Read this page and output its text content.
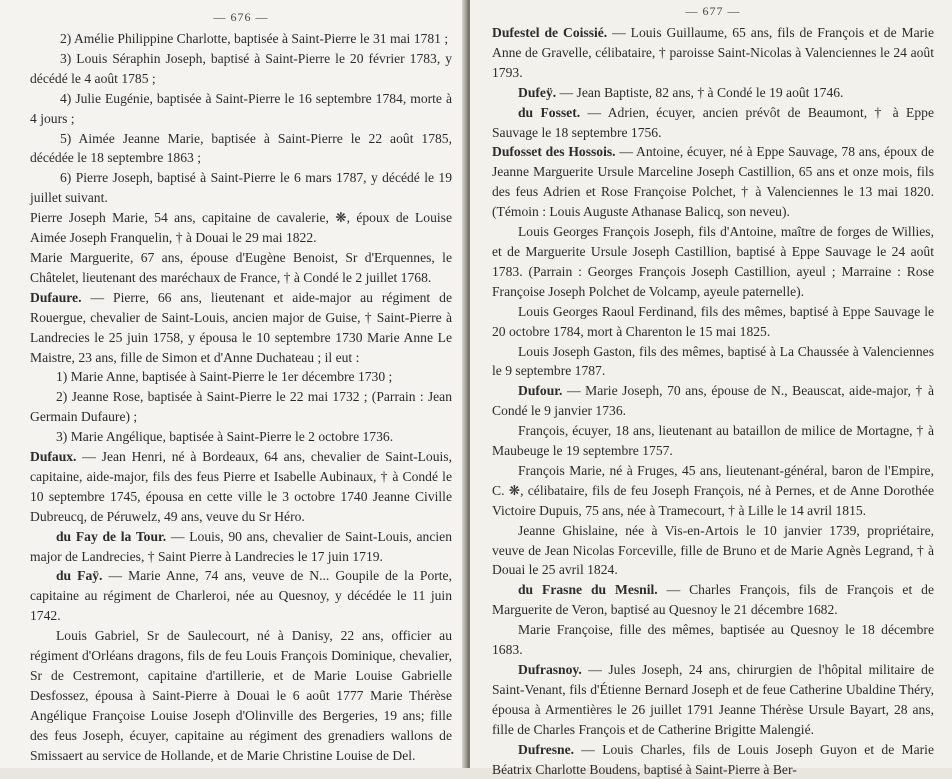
— 676 —

2) Amélie Philippine Charlotte, baptisée à Saint-Pierre le 31 mai 1781 ;

3) Louis Séraphin Joseph, baptisé à Saint-Pierre le 20 février 1783, y décédé le 4 août 1785 ;

4) Julie Eugénie, baptisée à Saint-Pierre le 16 septembre 1784, morte à 4 jours ;

5) Aimée Jeanne Marie, baptisée à Saint-Pierre le 22 août 1785, décédée le 18 septembre 1863 ;

6) Pierre Joseph, baptisé à Saint-Pierre le 6 mars 1787, y décédé le 19 juillet suivant.

Pierre Joseph Marie, 54 ans, capitaine de cavalerie, ❋, époux de Louise Aimée Joseph Franquelin, † à Douai le 29 mai 1822.

Marie Marguerite, 67 ans, épouse d'Eugène Benoist, Sr d'Erquennes, le Châtelet, lieutenant des maréchaux de France, † à Condé le 2 juillet 1768.

Dufaure. — Pierre, 66 ans, lieutenant et aide-major au régiment de Rouergue, chevalier de Saint-Louis, ancien major de Guise, † Saint-Pierre à Landrecies le 25 juin 1758, y épousa le 10 septembre 1730 Marie Anne Le Maistre, 23 ans, fille de Simon et d'Anne Duchateau ; il eut :

1) Marie Anne, baptisée à Saint-Pierre le 1er décembre 1730 ;

2) Jeanne Rose, baptisée à Saint-Pierre le 22 mai 1732 ; (Parrain : Jean Germain Dufaure) ;

3) Marie Angélique, baptisée à Saint-Pierre le 2 octobre 1736.

Dufaux. — Jean Henri, né à Bordeaux, 64 ans, chevalier de Saint-Louis, capitaine, aide-major, fils des feus Pierre et Isabelle Aubinaux, † à Condé le 10 septembre 1745, épousa en cette ville le 3 octobre 1740 Jeanne Civille Dubreucq, de Péruwelz, 49 ans, veuve du Sr Héro.

du Fay de la Tour. — Louis, 90 ans, chevalier de Saint-Louis, ancien major de Landrecies, † Saint Pierre à Landrecies le 17 juin 1719.

du Faÿ. — Marie Anne, 74 ans, veuve de N... Goupile de la Porte, capitaine au régiment de Charleroi, née au Quesnoy, y décédée le 11 juin 1742.

Louis Gabriel, Sr de Saulecourt, né à Danisy, 22 ans, officier au régiment d'Orléans dragons, fils de feu Louis François Dominique, chevalier, Sr de Cestremont, capitaine d'artillerie, et de Marie Louise Gabrielle Desfossez, épousa à Saint-Pierre à Douai le 6 août 1777 Marie Thérèse Angélique Françoise Louise Joseph d'Olinville des Bergeries, 19 ans; fille des feus Joseph, écuyer, capitaine au régiment des grenadiers wallons de Smissaert au service de Hollande, et de Marie Christine Louise de Del.

— 677 —

Dufestel de Coissié. — Louis Guillaume, 65 ans, fils de François et de Marie Anne de Gravelle, célibataire, † paroisse Saint-Nicolas à Valenciennes le 24 août 1793.

Dufeÿ. — Jean Baptiste, 82 ans, † à Condé le 19 août 1746.

du Fosset. — Adrien, écuyer, ancien prévôt de Beaumont, † à Eppe Sauvage le 18 septembre 1756.

Dufosset des Hossois. — Antoine, écuyer, né à Eppe Sauvage, 78 ans, époux de Jeanne Marguerite Ursule Marceline Joseph Castillion, 65 ans et onze mois, fils des feus Adrien et Rose Françoise Polchet, † à Valenciennes le 13 mai 1820. (Témoin : Louis Auguste Athanase Balicq, son neveu).

Louis Georges François Joseph, fils d'Antoine, maître de forges de Willies, et de Marguerite Ursule Joseph Castillion, baptisé à Eppe Sauvage le 24 août 1783. (Parrain : Georges François Joseph Castillion, ayeul ; Marraine : Rose Françoise Joseph Polchet de Volcamp, ayeule paternelle).

Louis Georges Raoul Ferdinand, fils des mêmes, baptisé à Eppe Sauvage le 20 octobre 1784, mort à Charenton le 15 mai 1825.

Louis Joseph Gaston, fils des mêmes, baptisé à La Chaussée à Valenciennes le 9 septembre 1787.

Dufour. — Marie Joseph, 70 ans, épouse de N., Beauscat, aide-major, † à Condé le 9 janvier 1736.

François, écuyer, 18 ans, lieutenant au bataillon de milice de Mortagne, † à Maubeuge le 19 septembre 1757.

François Marie, né à Fruges, 45 ans, lieutenant-général, baron de l'Empire, C. ❋, célibataire, fils de feu Joseph François, né à Pernes, et de Anne Dorothée Victoire Dupuis, 75 ans, née à Tramecourt, † à Lille le 14 avril 1815.

Jeanne Ghislaine, née à Vis-en-Artois le 10 janvier 1739, propriétaire, veuve de Jean Nicolas Forceville, fille de Bruno et de Marie Agnès Legrand, † à Douai le 25 avril 1824.

du Frasne du Mesnil. — Charles François, fils de François et de Marguerite de Veron, baptisé au Quesnoy le 21 décembre 1682.

Marie Françoise, fille des mêmes, baptisée au Quesnoy le 18 décembre 1683.

Dufrasnoy. — Jules Joseph, 24 ans, chirurgien de l'hôpital militaire de Saint-Venant, fils d'Étienne Bernard Joseph et de feue Catherine Ubaldine Théry, épousa à Armentières le 26 juillet 1791 Jeanne Thérèse Ursule Bayart, 28 ans, fille de Charles François et de Catherine Brigitte Malengié.

Dufresne. — Louis Charles, fils de Louis Joseph Guyon et de Marie Béatrix Charlotte Boudens, baptisé à Saint-Pierre à Ber-
